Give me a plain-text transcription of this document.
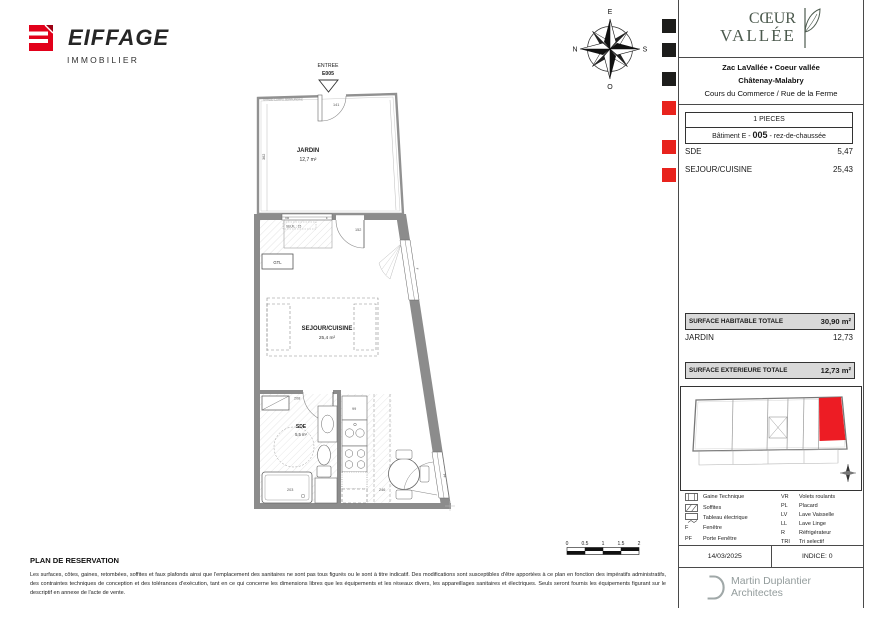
EIFFAGE
IMMOBILIER
E
S
O
N
ENTREE
E005
GARDE-CORPS SERRURERIE
141
362
JARDIN
12,7 m²
VR	F
SEUIL : 15
152
GTL
SEJOUR/CUISINE
25,4 m²
208
SDE
5,5 m²
203
99
246
F
PF
CŒUR
VALLÉE
Zac LaVallée • Coeur vallée
Châtenay-Malabry
Cours du Commerce / Rue de la Ferme
1 PIECES
Bâtiment E - 005 - rez-de-chaussée
SDE	5,47
SEJOUR/CUISINE	25,43
SURFACE HABITABLE TOTALE	30,90 m²
JARDIN	12,73
SURFACE EXTERIEURE TOTALE	12,73 m²
Gaine Technique
Soffites
Tableau électrique
F	Fenêtre
PF	Porte Fenêtre
VR	Volets roulants
PL	Placard
LV	Lave Vaisselle
LL	Lave Linge
R	Réfrigérateur
TRI	Tri selectif
14/03/2025	INDICE: 0
Martin Duplantier
Architectes
0	0.5	1	1.5	2
PLAN DE RESERVATION
Les surfaces, côtes, gaines, retombées, soffites et faux plafonds ainsi que l'emplacement des sanitaires ne sont pas tous figurés ou le sont à titre indicatif. Des modifications sont susceptibles d'être apportées à ce plan en fonction des impératifs administratifs, des contraintes techniques de conception et des tolérances d'exécution, tant en ce qui concerne les dimensions libres que les équipements et les réseaux divers, les appareillages sanitaires et électriques. Seuls seront fournis les équipements figurant sur le descriptif en annexe de l'acte de vente.
